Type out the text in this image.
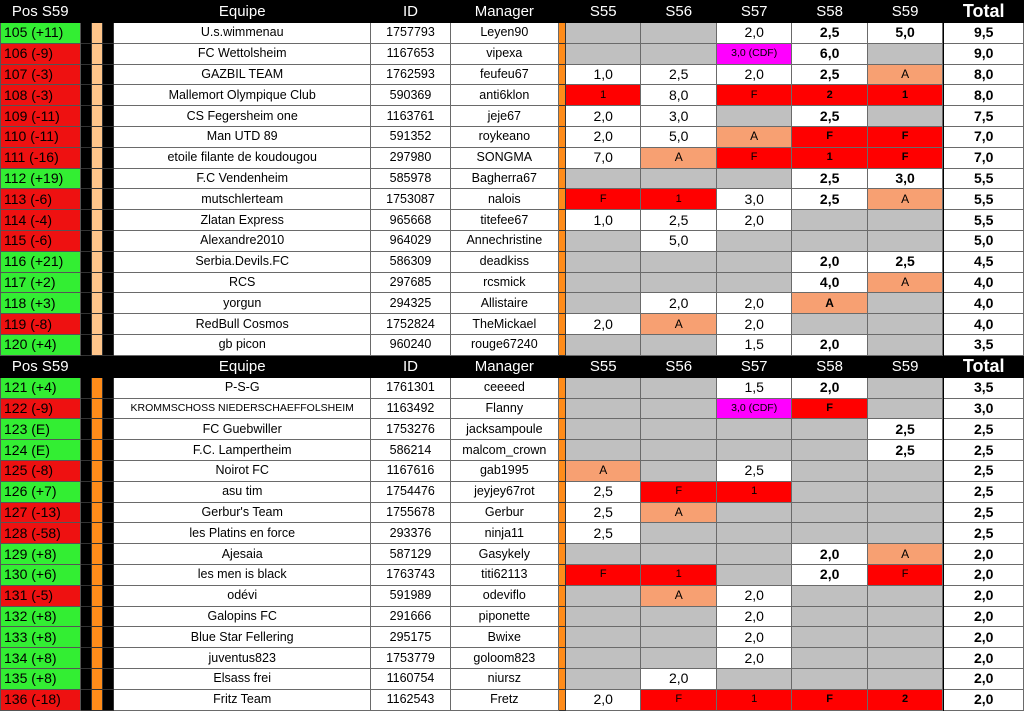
Pos S59				Equipe	ID	Manager		S55	S56	S57	S58	S59		Total
105 (+11)				U.s.wimmenau	1757793	Leyen90				2,0	2,5	5,0		9,5
106 (-9)				FC Wettolsheim	1167653	vipexa				3,0 (CDF)	6,0			9,0
107 (-3)				GAZBIL TEAM	1762593	feufeu67		1,0	2,5	2,0	2,5	A		8,0
108 (-3)				Mallemort Olympique Club	590369	anti6klon		1	8,0	F	2	1		8,0
109 (-11)				CS Fegersheim one	1163761	jeje67		2,0	3,0		2,5			7,5
110 (-11)				Man UTD 89	591352	roykeano		2,0	5,0	A	F	F		7,0
111 (-16)				etoile filante de koudougou	297980	SONGMA		7,0	A	F	1	F		7,0
112 (+19)				F.C Vendenheim	585978	Bagherra67					2,5	3,0		5,5
113 (-6)				mutschlerteam	1753087	nalois		F	1	3,0	2,5	A		5,5
114 (-4)				Zlatan Express	965668	titefee67		1,0	2,5	2,0				5,5
115 (-6)				Alexandre2010	964029	Annechristine			5,0					5,0
116 (+21)				Serbia.Devils.FC	586309	deadkiss					2,0	2,5		4,5
117 (+2)				RCS	297685	rcsmick					4,0	A		4,0
118 (+3)				yorgun	294325	Allistaire			2,0	2,0	A			4,0
119 (-8)				RedBull Cosmos	1752824	TheMickael		2,0	A	2,0				4,0
120 (+4)				gb picon	960240	rouge67240				1,5	2,0			3,5
Pos S59				Equipe	ID	Manager		S55	S56	S57	S58	S59		Total
121 (+4)				P-S-G	1761301	ceeeed				1,5	2,0			3,5
122 (-9)				KROMMSCHOSS NIEDERSCHAEFFOLSHEIM	1163492	Flanny				3,0 (CDF)	F			3,0
123 (E)				FC Guebwiller	1753276	jacksampoule						2,5		2,5
124 (E)				F.C. Lampertheim	586214	malcom_crown						2,5		2,5
125 (-8)				Noirot FC	1167616	gab1995		A		2,5				2,5
126 (+7)				asu tim	1754476	jeyjey67rot		2,5	F	1				2,5
127 (-13)				Gerbur's Team	1755678	Gerbur		2,5	A					2,5
128 (-58)				les Platins en force	293376	ninja11		2,5						2,5
129 (+8)				Ajesaia	587129	Gasykely					2,0	A		2,0
130 (+6)				les men is black	1763743	titi62113		F	1		2,0	F		2,0
131 (-5)				odévi	591989	odeviflo			A	2,0				2,0
132 (+8)				Galopins FC	291666	piponette				2,0				2,0
133 (+8)				Blue Star Fellering	295175	Bwixe				2,0				2,0
134 (+8)				juventus823	1753779	goloom823				2,0				2,0
135 (+8)				Elsass frei	1160754	niursz			2,0					2,0
136 (-18)				Fritz Team	1162543	Fretz		2,0	F	1	F	2		2,0
